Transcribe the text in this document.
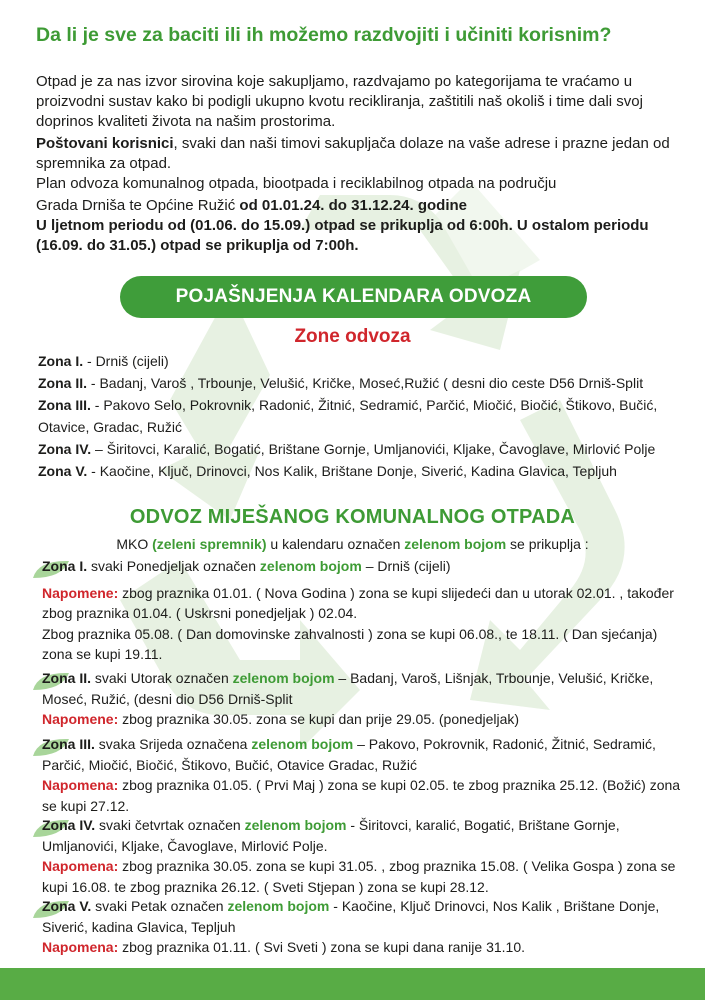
Da li je sve za baciti ili ih možemo razdvojiti i učiniti korisnim?

Otpad je za nas izvor sirovina koje sakupljamo, razdvajamo po kategorijama te vraćamo u proizvodni sustav kako bi podigli ukupno kvotu recikliranja, zaštitili naš okoliš i time dali svoj doprinos kvaliteti života na našim prostorima.

Poštovani korisnici, svaki dan naši timovi sakupljača dolaze na vaše adrese i prazne jedan od spremnika za otpad.

Plan odvoza komunalnog otpada, biootpada i reciklabilnog otpada na području

Grada Drniša te Općine Ružić od 01.01.24. do 31.12.24. godine

U ljetnom periodu od (01.06. do 15.09.) otpad se prikuplja od 6:00h. U ostalom periodu (16.09. do 31.05.) otpad se prikuplja od 7:00h.

POJAŠNJENJA KALENDARA ODVOZA
Zone odvoza

Zona I. - Drniš (cijeli)

Zona II. - Badanj, Varoš , Trbounje, Velušić, Kričke, Moseć,Ružić ( desni dio ceste D56 Drniš-Split

Zona III. - Pakovo Selo, Pokrovnik, Radonić, Žitnić, Sedramić, Parčić, Miočić, Biočić, Štikovo, Bučić, Otavice, Gradac, Ružić

Zona IV. – Širitovci, Karalić, Bogatić, Brištane Gornje, Umljanovići, Kljake, Čavoglave, Mirlović Polje

Zona V. - Kaočine, Ključ, Drinovci, Nos Kalik, Brištane Donje, Siverić, Kadina Glavica, Tepljuh

ODVOZ MIJEŠANOG KOMUNALNOG OTPADA
MKO (zeleni spremnik) u kalendaru označen zelenom bojom se prikuplja :

Zona I. svaki Ponedjeljak označen zelenom bojom – Drniš (cijeli)

Napomene: zbog praznika 01.01. ( Nova Godina ) zona se kupi slijedeći dan u utorak 02.01. , također zbog praznika 01.04. ( Uskrsni ponedjeljak ) 02.04.

Zbog praznika 05.08. ( Dan domovinske zahvalnosti ) zona se kupi 06.08., te 18.11. ( Dan sjećanja) zona se kupi 19.11.

Zona II. svaki Utorak označen zelenom bojom – Badanj, Varoš, Lišnjak, Trbounje, Velušić, Kričke, Moseć, Ružić, (desni dio D56 Drniš-Split

Napomene: zbog praznika 30.05. zona se kupi dan prije 29.05. (ponedjeljak)

Zona III. svaka Srijeda označena zelenom bojom – Pakovo, Pokrovnik, Radonić, Žitnić, Sedramić, Parčić, Miočić, Biočić, Štikovo, Bučić, Otavice Gradac, Ružić

Napomena: zbog praznika 01.05. ( Prvi Maj ) zona se kupi 02.05. te zbog praznika 25.12. (Božić) zona se kupi 27.12.

Zona IV. svaki četvrtak označen zelenom bojom - Širitovci, karalić, Bogatić, Brištane Gornje, Umljanovići, Kljake, Čavoglave, Mirlović Polje.

Napomena: zbog praznika 30.05. zona se kupi 31.05. , zbog praznika 15.08. ( Velika Gospa ) zona se kupi 16.08. te zbog praznika 26.12. ( Sveti Stjepan ) zona se kupi 28.12.

Zona V. svaki Petak označen zelenom bojom - Kaočine, Ključ Drinovci, Nos Kalik , Brištane Donje, Siverić, kadina Glavica, Tepljuh

Napomena: zbog praznika 01.11. ( Svi Sveti ) zona se kupi dana ranije 31.10.
